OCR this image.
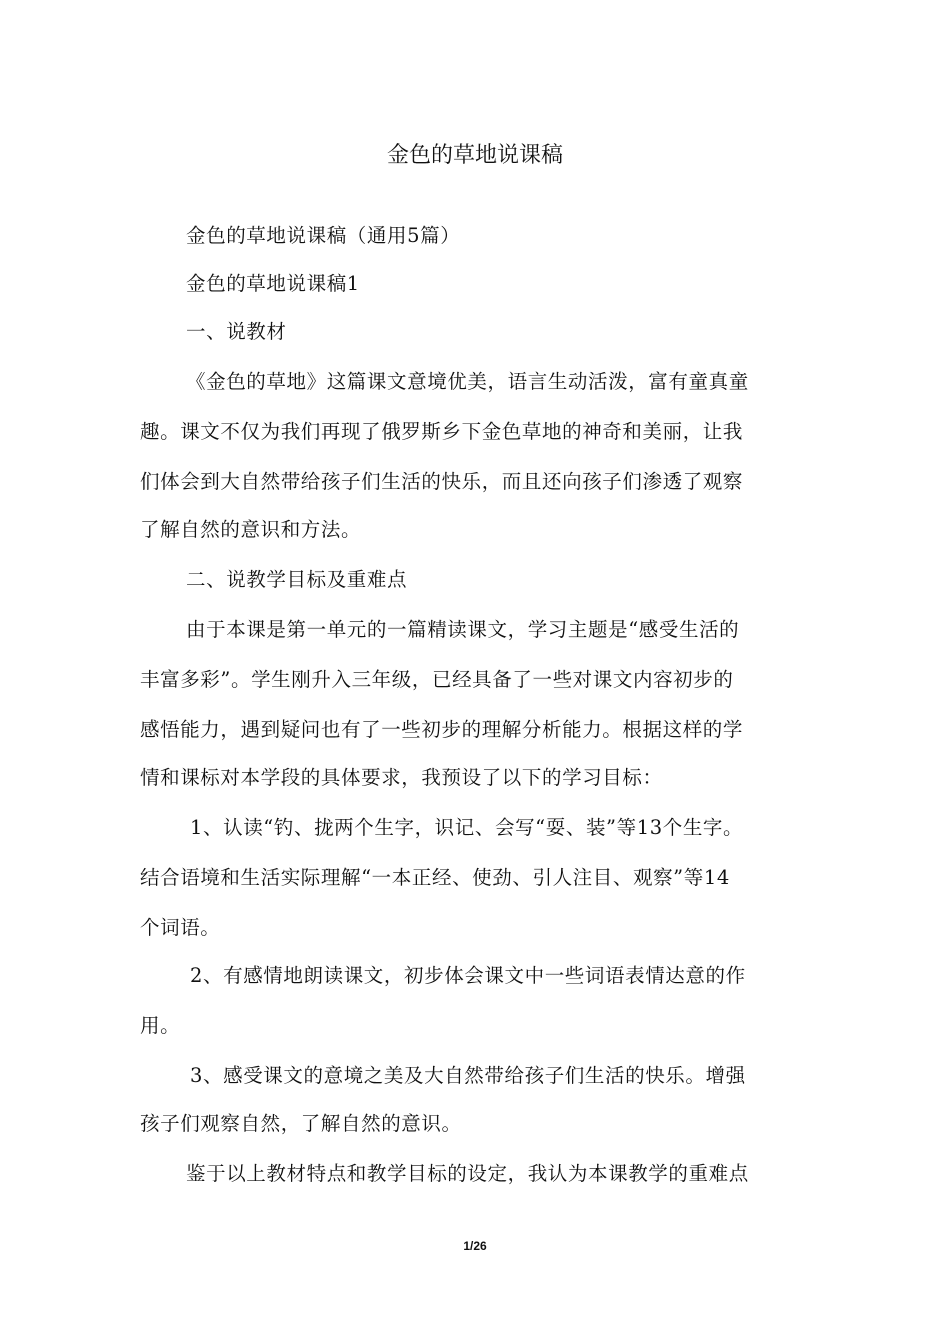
金色的草地说课稿
金色的草地说课稿（通用5篇）
金色的草地说课稿1
一、说教材
《金色的草地》这篇课文意境优美，语言生动活泼，富有童真童
趣。课文不仅为我们再现了俄罗斯乡下金色草地的神奇和美丽，让我
们体会到大自然带给孩子们生活的快乐，而且还向孩子们渗透了观察
了解自然的意识和方法。
二、说教学目标及重难点
由于本课是第一单元的一篇精读课文，学习主题是“感受生活的
丰富多彩”。学生刚升入三年级，已经具备了一些对课文内容初步的
感悟能力，遇到疑问也有了一些初步的理解分析能力。根据这样的学
情和课标对本学段的具体要求，我预设了以下的学习目标：
1、认读“钓、拢两个生字，识记、会写“耍、装”等13个生字。
结合语境和生活实际理解“一本正经、使劲、引人注目、观察”等14
个词语。
2、有感情地朗读课文，初步体会课文中一些词语表情达意的作
用。
3、感受课文的意境之美及大自然带给孩子们生活的快乐。增强
孩子们观察自然，了解自然的意识。
鉴于以上教材特点和教学目标的设定，我认为本课教学的重难点
1/26
